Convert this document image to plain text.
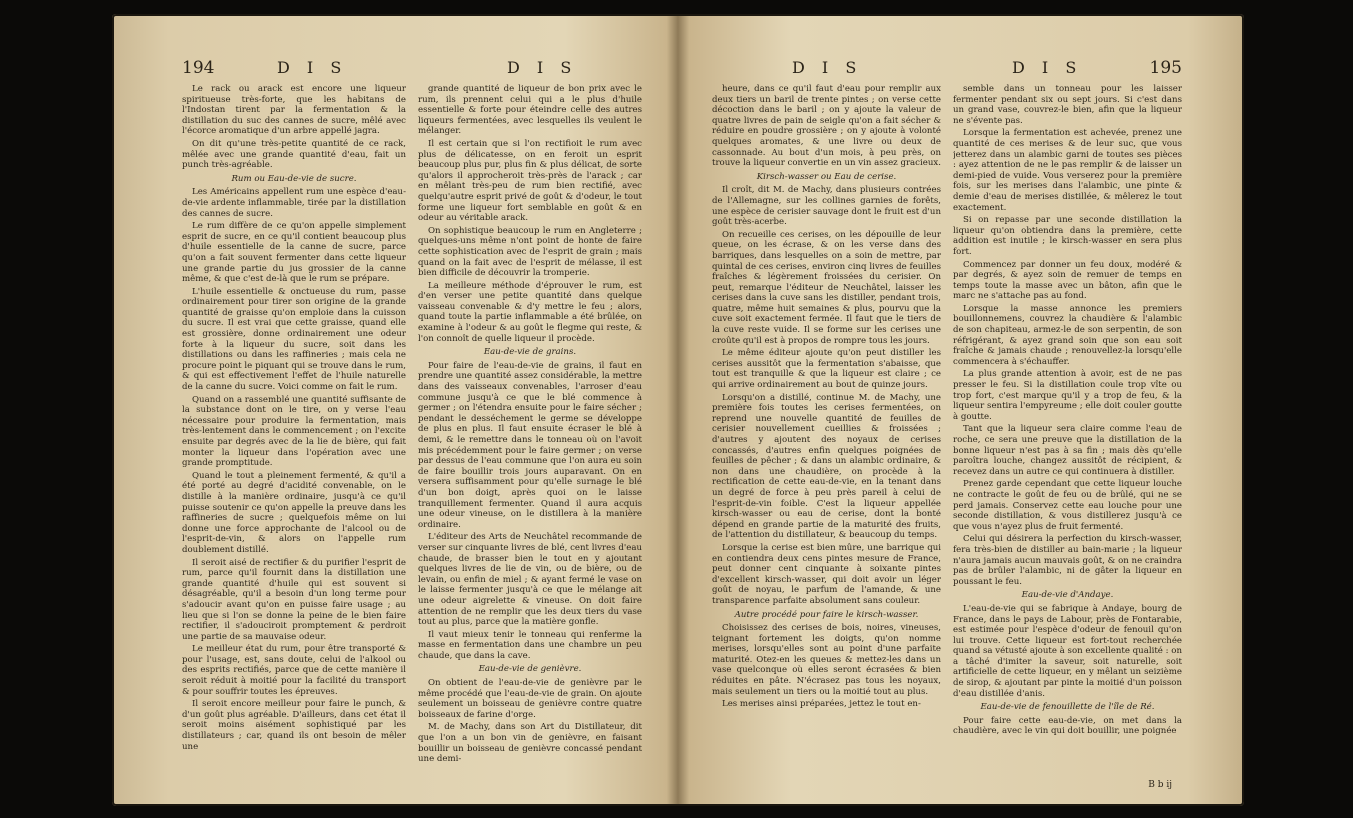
194	D I S	D I S

Le rack ou arack est encore une liqueur spiritueuse très-forte, que les habitans de l'Indostan tirent par la fermentation & la distillation du suc des cannes de sucre, mêlé avec l'écorce aromatique d'un arbre appellé jagra.

On dit qu'une très-petite quantité de ce rack, mêlée avec une grande quantité d'eau, fait un punch très-agréable.

Rum ou Eau-de-vie de sucre.

Les Américains appellent rum une espèce d'eau-de-vie ardente inflammable, tirée par la distillation des cannes de sucre.

Le rum diffère de ce qu'on appelle simplement esprit de sucre, en ce qu'il contient beaucoup plus d'huile essentielle de la canne de sucre, parce qu'on a fait souvent fermenter dans cette liqueur une grande partie du jus grossier de la canne même, & que c'est de-là que le rum se prépare.

L'huile essentielle & onctueuse du rum, passe ordinairement pour tirer son origine de la grande quantité de graisse qu'on emploie dans la cuisson du sucre. Il est vrai que cette graisse, quand elle est grossière, donne ordinairement une odeur forte à la liqueur du sucre, soit dans les distillations ou dans les raffineries ; mais cela ne procure point le piquant qui se trouve dans le rum, & qui est effectivement l'effet de l'huile naturelle de la canne du sucre. Voici comme on fait le rum.

Quand on a rassemblé une quantité suffisante de la substance dont on le tire, on y verse l'eau nécessaire pour produire la fermentation, mais très-lentement dans le commencement ; on l'excite ensuite par degrés avec de la lie de bière, qui fait monter la liqueur dans l'opération avec une grande promptitude.

Quand le tout a pleinement fermenté, & qu'il a été porté au degré d'acidité convenable, on le distille à la manière ordinaire, jusqu'à ce qu'il puisse soutenir ce qu'on appelle la preuve dans les raffineries de sucre ; quelquefois même on lui donne une force approchante de l'alcool ou de l'esprit-de-vin, & alors on l'appelle rum doublement distillé.

Il seroit aisé de rectifier & du purifier l'esprit de rum, parce qu'il fournit dans la distillation une grande quantité d'huile qui est souvent si désagréable, qu'il a besoin d'un long terme pour s'adoucir avant qu'on en puisse faire usage ; au lieu que si l'on se donne la peine de le bien faire rectifier, il s'adouciroit promptement & perdroit une partie de sa mauvaise odeur.

Le meilleur état du rum, pour être transporté & pour l'usage, est, sans doute, celui de l'alkool ou des esprits rectifiés, parce que de cette manière il seroit réduit à moitié pour la facilité du transport & pour souffrir toutes les épreuves.

Il seroit encore meilleur pour faire le punch, & d'un goût plus agréable. D'ailleurs, dans cet état il seroit moins aisément sophistiqué par les distillateurs ; car, quand ils ont besoin de mêler une

grande quantité de liqueur de bon prix avec le rum, ils prennent celui qui a le plus d'huile essentielle & forte pour éteindre celle des autres liqueurs fermentées, avec lesquelles ils veulent le mélanger.

Il est certain que si l'on rectifioit le rum avec plus de délicatesse, on en feroit un esprit beaucoup plus pur, plus fin & plus délicat, de sorte qu'alors il approcheroit très-près de l'arack ; car en mêlant très-peu de rum bien rectifié, avec quelqu'autre esprit privé de goût & d'odeur, le tout forme une liqueur fort semblable en goût & en odeur au véritable arack.

On sophistique beaucoup le rum en Angleterre ; quelques-uns même n'ont point de honte de faire cette sophistication avec de l'esprit de grain ; mais quand on la fait avec de l'esprit de mélasse, il est bien difficile de découvrir la tromperie.

La meilleure méthode d'éprouver le rum, est d'en verser une petite quantité dans quelque vaisseau convenable & d'y mettre le feu ; alors, quand toute la partie inflammable a été brûlée, on examine à l'odeur & au goût le flegme qui reste, & l'on connoît de quelle liqueur il procède.

Eau-de-vie de grains.

Pour faire de l'eau-de-vie de grains, il faut en prendre une quantité assez considérable, la mettre dans des vaisseaux convenables, l'arroser d'eau commune jusqu'à ce que le blé commence à germer ; on l'étendra ensuite pour le faire sécher ; pendant le desséchement le germe se développe de plus en plus. Il faut ensuite écraser le blé à demi, & le remettre dans le tonneau où on l'avoit mis précédemment pour le faire germer ; on verse par dessus de l'eau commune que l'on aura eu soin de faire bouillir trois jours auparavant. On en versera suffisamment pour qu'elle surnage le blé d'un bon doigt, après quoi on le laisse tranquillement fermenter. Quand il aura acquis une odeur vineuse, on le distillera à la manière ordinaire.

L'éditeur des Arts de Neuchâtel recommande de verser sur cinquante livres de blé, cent livres d'eau chaude, de brasser bien le tout en y ajoutant quelques livres de lie de vin, ou de bière, ou de levain, ou enfin de miel ; & ayant fermé le vase on le laisse fermenter jusqu'à ce que le mélange ait une odeur aigrelette & vineuse. On doit faire attention de ne remplir que les deux tiers du vase tout au plus, parce que la matière gonfle.

Il vaut mieux tenir le tonneau qui renferme la masse en fermentation dans une chambre un peu chaude, que dans la cave.

Eau-de-vie de genièvre.

On obtient de l'eau-de-vie de genièvre par le même procédé que l'eau-de-vie de grain. On ajoute seulement un boisseau de genièvre contre quatre boisseaux de farine d'orge.

M. de Machy, dans son Art du Distillateur, dit que l'on a un bon vin de genièvre, en faisant bouillir un boisseau de genièvre concassé pendant une demi-

D I S	D I S	195

heure, dans ce qu'il faut d'eau pour remplir aux deux tiers un baril de trente pintes ; on verse cette décoction dans le baril ; on y ajoute la valeur de quatre livres de pain de seigle qu'on a fait sécher & réduire en poudre grossière ; on y ajoute à volonté quelques aromates, & une livre ou deux de cassonnade. Au bout d'un mois, à peu près, on trouve la liqueur convertie en un vin assez gracieux.

Kirsch-wasser ou Eau de cerise.

Il croît, dit M. de Machy, dans plusieurs contrées de l'Allemagne, sur les collines garnies de forêts, une espèce de cerisier sauvage dont le fruit est d'un goût très-acerbe.

On recueille ces cerises, on les dépouille de leur queue, on les écrase, & on les verse dans des barriques, dans lesquelles on a soin de mettre, par quintal de ces cerises, environ cinq livres de feuilles fraîches & légèrement froissées du cerisier. On peut, remarque l'éditeur de Neuchâtel, laisser les cerises dans la cuve sans les distiller, pendant trois, quatre, même huit semaines & plus, pourvu que la cuve soit exactement fermée. Il faut que le tiers de la cuve reste vuide. Il se forme sur les cerises une croûte qu'il est à propos de rompre tous les jours.

Le même éditeur ajoute qu'on peut distiller les cerises aussitôt que la fermentation s'abaisse, que tout est tranquille & que la liqueur est claire ; ce qui arrive ordinairement au bout de quinze jours.

Lorsqu'on a distillé, continue M. de Machy, une première fois toutes les cerises fermentées, on reprend une nouvelle quantité de feuilles de cerisier nouvellement cueillies & froissées ; d'autres y ajoutent des noyaux de cerises concassés, d'autres enfin quelques poignées de feuilles de pêcher ; & dans un alambic ordinaire, & non dans une chaudière, on procède à la rectification de cette eau-de-vie, en la tenant dans un degré de force à peu près pareil à celui de l'esprit-de-vin foible. C'est la liqueur appellée kirsch-wasser ou eau de cerise, dont la bonté dépend en grande partie de la maturité des fruits, de l'attention du distillateur, & beaucoup du temps.

Lorsque la cerise est bien mûre, une barrique qui en contiendra deux cens pintes mesure de France, peut donner cent cinquante à soixante pintes d'excellent kirsch-wasser, qui doit avoir un léger goût de noyau, le parfum de l'amande, & une transparence parfaite absolument sans couleur.

Autre procédé pour faire le kirsch-wasser.

Choisissez des cerises de bois, noires, vineuses, teignant fortement les doigts, qu'on nomme merises, lorsqu'elles sont au point d'une parfaite maturité. Otez-en les queues & mettez-les dans un vase quelconque où elles seront écrasées & bien réduites en pâte. N'écrasez pas tous les noyaux, mais seulement un tiers ou la moitié tout au plus.

Les merises ainsi préparées, jettez le tout en-

semble dans un tonneau pour les laisser fermenter pendant six ou sept jours. Si c'est dans un grand vase, couvrez-le bien, afin que la liqueur ne s'évente pas.

Lorsque la fermentation est achevée, prenez une quantité de ces merises & de leur suc, que vous jetterez dans un alambic garni de toutes ses pièces : ayez attention de ne le pas remplir & de laisser un demi-pied de vuide. Vous verserez pour la première fois, sur les merises dans l'alambic, une pinte & demie d'eau de merises distillée, & mêlerez le tout exactement.

Si on repasse par une seconde distillation la liqueur qu'on obtiendra dans la première, cette addition est inutile ; le kirsch-wasser en sera plus fort.

Commencez par donner un feu doux, modéré & par degrés, & ayez soin de remuer de temps en temps toute la masse avec un bâton, afin que le marc ne s'attache pas au fond.

Lorsque la masse annonce les premiers bouillonnemens, couvrez la chaudière & l'alambic de son chapiteau, armez-le de son serpentin, de son réfrigérant, & ayez grand soin que son eau soit fraîche & jamais chaude ; renouvellez-la lorsqu'elle commencera à s'échauffer.

La plus grande attention à avoir, est de ne pas presser le feu. Si la distillation coule trop vîte ou trop fort, c'est marque qu'il y a trop de feu, & la liqueur sentira l'empyreume ; elle doit couler goutte à goutte.

Tant que la liqueur sera claire comme l'eau de roche, ce sera une preuve que la distillation de la bonne liqueur n'est pas à sa fin ; mais dès qu'elle paroîtra louche, changez aussitôt de récipient, & recevez dans un autre ce qui continuera à distiller.

Prenez garde cependant que cette liqueur louche ne contracte le goût de feu ou de brûlé, qui ne se perd jamais. Conservez cette eau louche pour une seconde distillation, & vous distillerez jusqu'à ce que vous n'ayez plus de fruit fermenté.

Celui qui désirera la perfection du kirsch-wasser, fera très-bien de distiller au bain-marie ; la liqueur n'aura jamais aucun mauvais goût, & on ne craindra pas de brûler l'alambic, ni de gâter la liqueur en poussant le feu.

Eau-de-vie d'Andaye.

L'eau-de-vie qui se fabrique à Andaye, bourg de France, dans le pays de Labour, près de Fontarabie, est estimée pour l'espèce d'odeur de fenouil qu'on lui trouve. Cette liqueur est fort-tout recherchée quand sa vétusté ajoute à son excellente qualité : on a tâché d'imiter la saveur, soit naturelle, soit artificielle de cette liqueur, en y mêlant un seizième de sirop, & ajoutant par pinte la moitié d'un poisson d'eau distillée d'anis.

Eau-de-vie de fenouillette de l'île de Ré.

Pour faire cette eau-de-vie, on met dans la chaudière, avec le vin qui doit bouillir, une poignée

B b ij
